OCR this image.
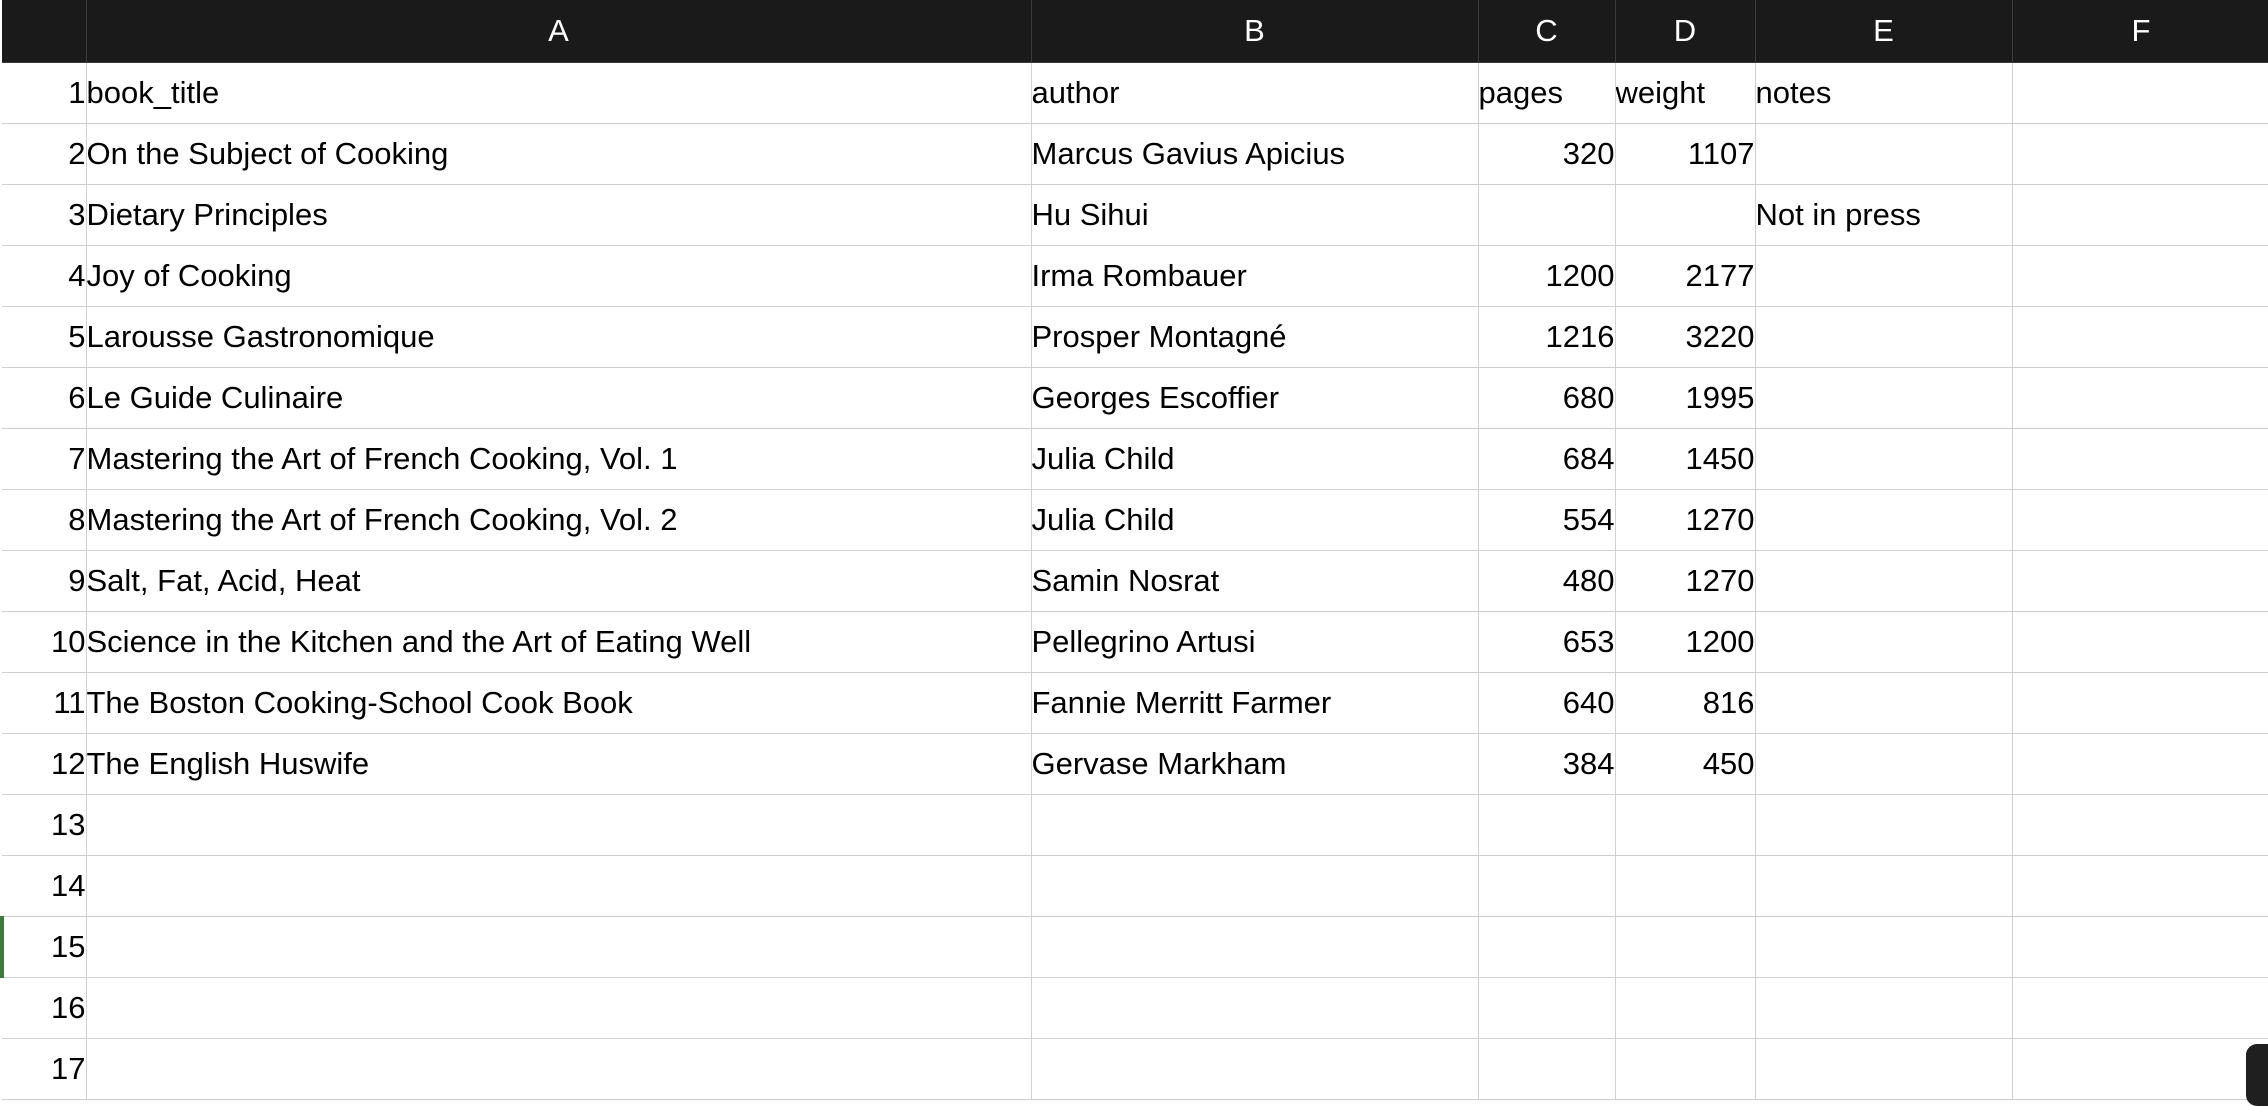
	A	B	C	D	E	F
1	book_title	author	pages	weight	notes	
2	On the Subject of Cooking	Marcus Gavius Apicius	320	1107		
3	Dietary Principles	Hu Sihui			Not in press	
4	Joy of Cooking	Irma Rombauer	1200	2177		
5	Larousse Gastronomique	Prosper Montagné	1216	3220		
6	Le Guide Culinaire	Georges Escoffier	680	1995		
7	Mastering the Art of French Cooking, Vol. 1	Julia Child	684	1450		
8	Mastering the Art of French Cooking, Vol. 2	Julia Child	554	1270		
9	Salt, Fat, Acid, Heat	Samin Nosrat	480	1270		
10	Science in the Kitchen and the Art of Eating Well	Pellegrino Artusi	653	1200		
11	The Boston Cooking-School Cook Book	Fannie Merritt Farmer	640	816		
12	The English Huswife	Gervase Markham	384	450		
13						
14						
15						
16						
17						
